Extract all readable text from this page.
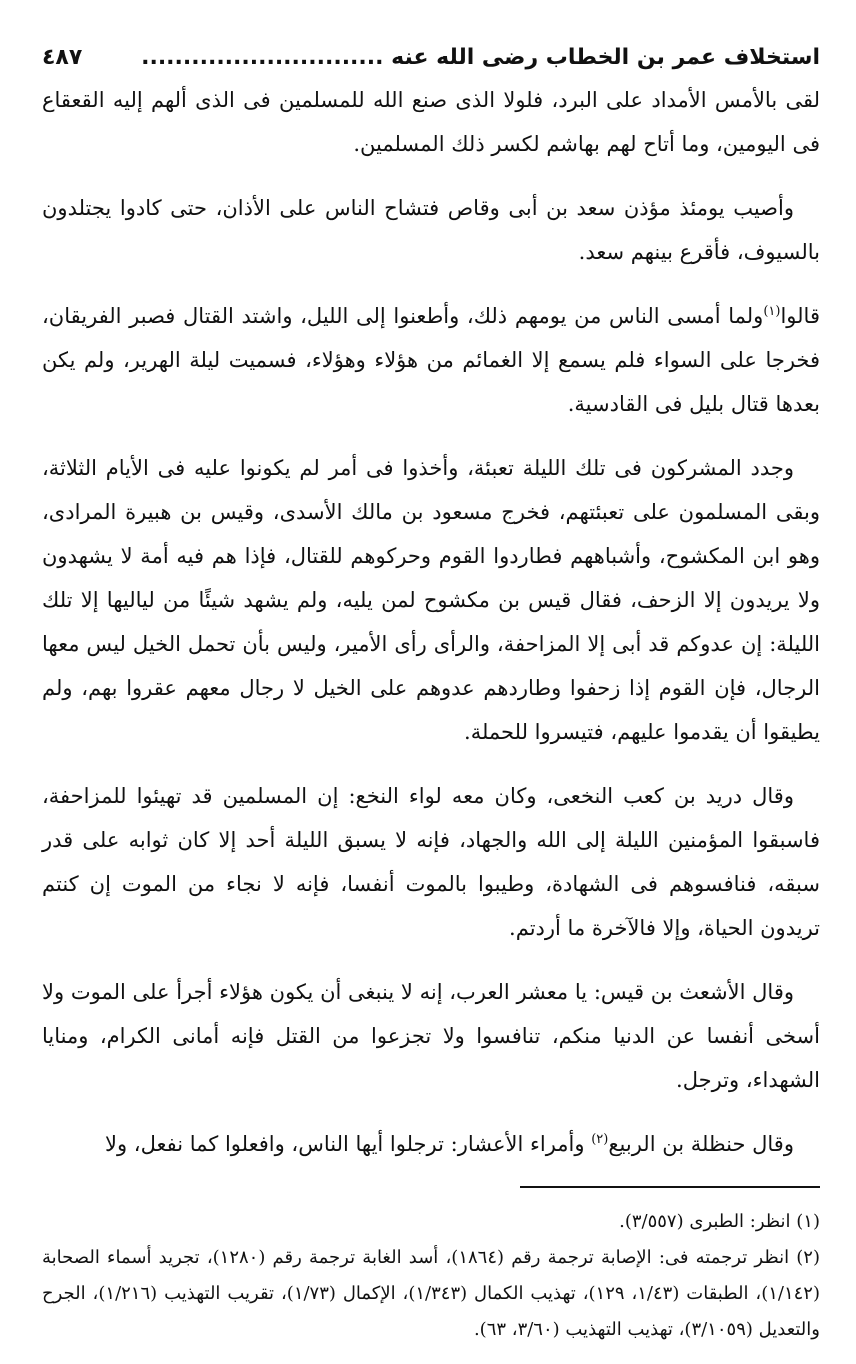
استخلاف عمر بن الخطاب رضى الله عنه .............................
٤٨٧

لقى بالأمس الأمداد على البرد، فلولا الذى صنع الله للمسلمين فى الذى ألهم إليه القعقاع فى اليومين، وما أتاح لهم بهاشم لكسر ذلك المسلمين.

وأصيب يومئذ مؤذن سعد بن أبى وقاص فتشاح الناس على الأذان، حتى كادوا يجتلدون بالسيوف، فأقرع بينهم سعد.

قالوا$^{(١)}$ولما أمسى الناس من يومهم ذلك، وأطعنوا إلى الليل، واشتد القتال فصبر الفريقان، فخرجا على السواء فلم يسمع إلا الغمائم من هؤلاء وهؤلاء، فسميت ليلة الهرير، ولم يكن بعدها قتال بليل فى القادسية.

وجدد المشركون فى تلك الليلة تعبئة، وأخذوا فى أمر لم يكونوا عليه فى الأيام الثلاثة، وبقى المسلمون على تعبئتهم، فخرج مسعود بن مالك الأسدى، وقيس بن هبيرة المرادى، وهو ابن المكشوح، وأشباههم فطاردوا القوم وحركوهم للقتال، فإذا هم فيه أمة لا يشهدون ولا يريدون إلا الزحف، فقال قيس بن مكشوح لمن يليه، ولم يشهد شيئًا من لياليها إلا تلك الليلة: إن عدوكم قد أبى إلا المزاحفة، والرأى رأى الأمير، وليس بأن تحمل الخيل ليس معها الرجال، فإن القوم إذا زحفوا وطاردهم عدوهم على الخيل لا رجال معهم عقروا بهم، ولم يطيقوا أن يقدموا عليهم، فتيسروا للحملة.

وقال دريد بن كعب النخعى، وكان معه لواء النخع: إن المسلمين قد تهيئوا للمزاحفة، فاسبقوا المؤمنين الليلة إلى الله والجهاد، فإنه لا يسبق الليلة أحد إلا كان ثوابه على قدر سبقه، فنافسوهم فى الشهادة، وطيبوا بالموت أنفسا، فإنه لا نجاء من الموت إن كنتم تريدون الحياة، وإلا فالآخرة ما أردتم.

وقال الأشعث بن قيس: يا معشر العرب، إنه لا ينبغى أن يكون هؤلاء أجرأ على الموت ولا أسخى أنفسا عن الدنيا منكم، تنافسوا ولا تجزعوا من القتل فإنه أمانى الكرام، ومنايا الشهداء، وترجل.

وقال حنظلة بن الربيع$^{(٢)}$ وأمراء الأعشار: ترجلوا أيها الناس، وافعلوا كما نفعل، ولا

(١) انظر: الطبرى (٣/٥٥٧).

(٢) انظر ترجمته فى: الإصابة ترجمة رقم (١٨٦٤)، أسد الغابة ترجمة رقم (١٢٨٠)، تجريد أسماء الصحابة (١/١٤٢)، الطبقات (١/٤٣، ١٢٩)، تهذيب الكمال (١/٣٤٣)، الإكمال (١/٧٣)، تقريب التهذيب (١/٢١٦)، الجرح والتعديل (٣/١٠٥٩)، تهذيب التهذيب (٣/٦٠، ٦٣).
